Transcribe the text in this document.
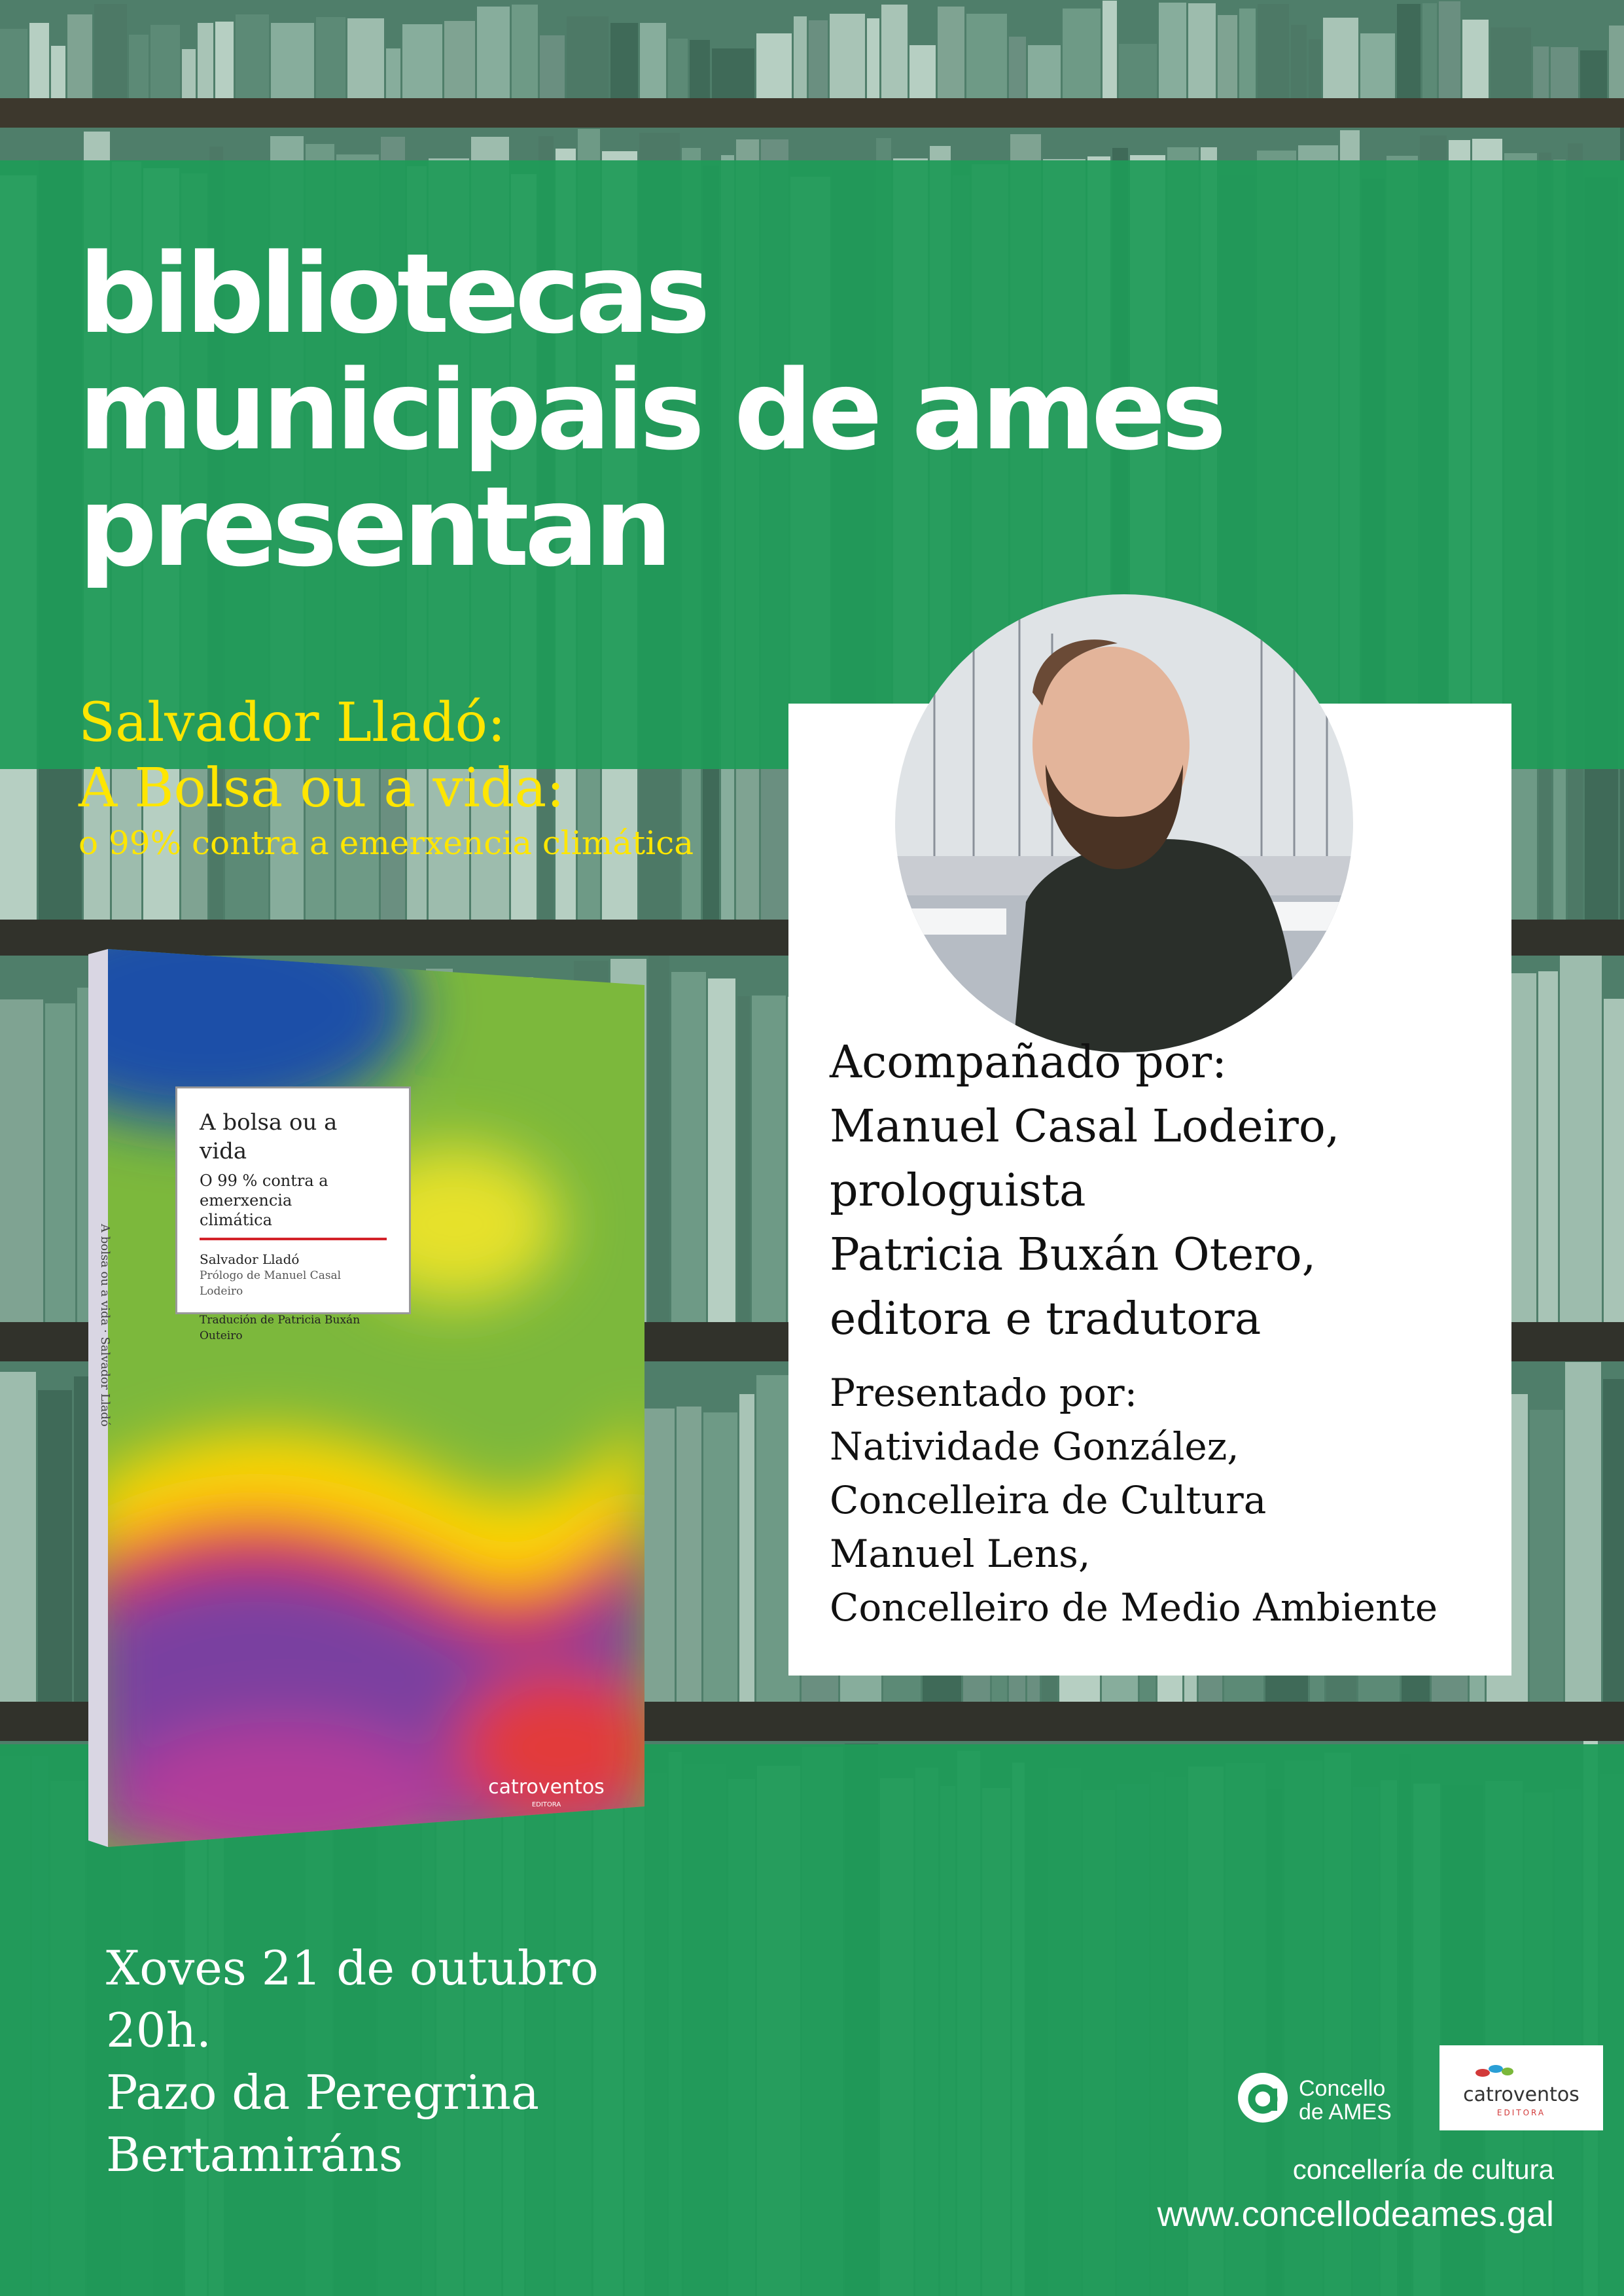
bibliotecas
municipais de ames
presentan
Salvador Lladó:
A Bolsa ou a vida:
o 99% contra a emerxencia climática
A bolsa ou a vida · Salvador Lladó
catroventos
EDITORA
A bolsa ou a vida
O 99 % contra a emerxencia climática
Salvador Lladó
Prólogo de Manuel Casal Lodeiro
Tradución de Patricia Buxán Outeiro
Acompañado por:
Manuel Casal Lodeiro,
prologuista
Patricia Buxán Otero,
editora e tradutora
Presentado por:
Natividade González,
Concelleira de Cultura
Manuel Lens,
Concelleiro de Medio Ambiente
Xoves 21 de outubro
20h.
Pazo da Peregrina
Bertamiráns
Concello
de AMES
catroventos
EDITORA
concellería de cultura
www.concellodeames.gal
